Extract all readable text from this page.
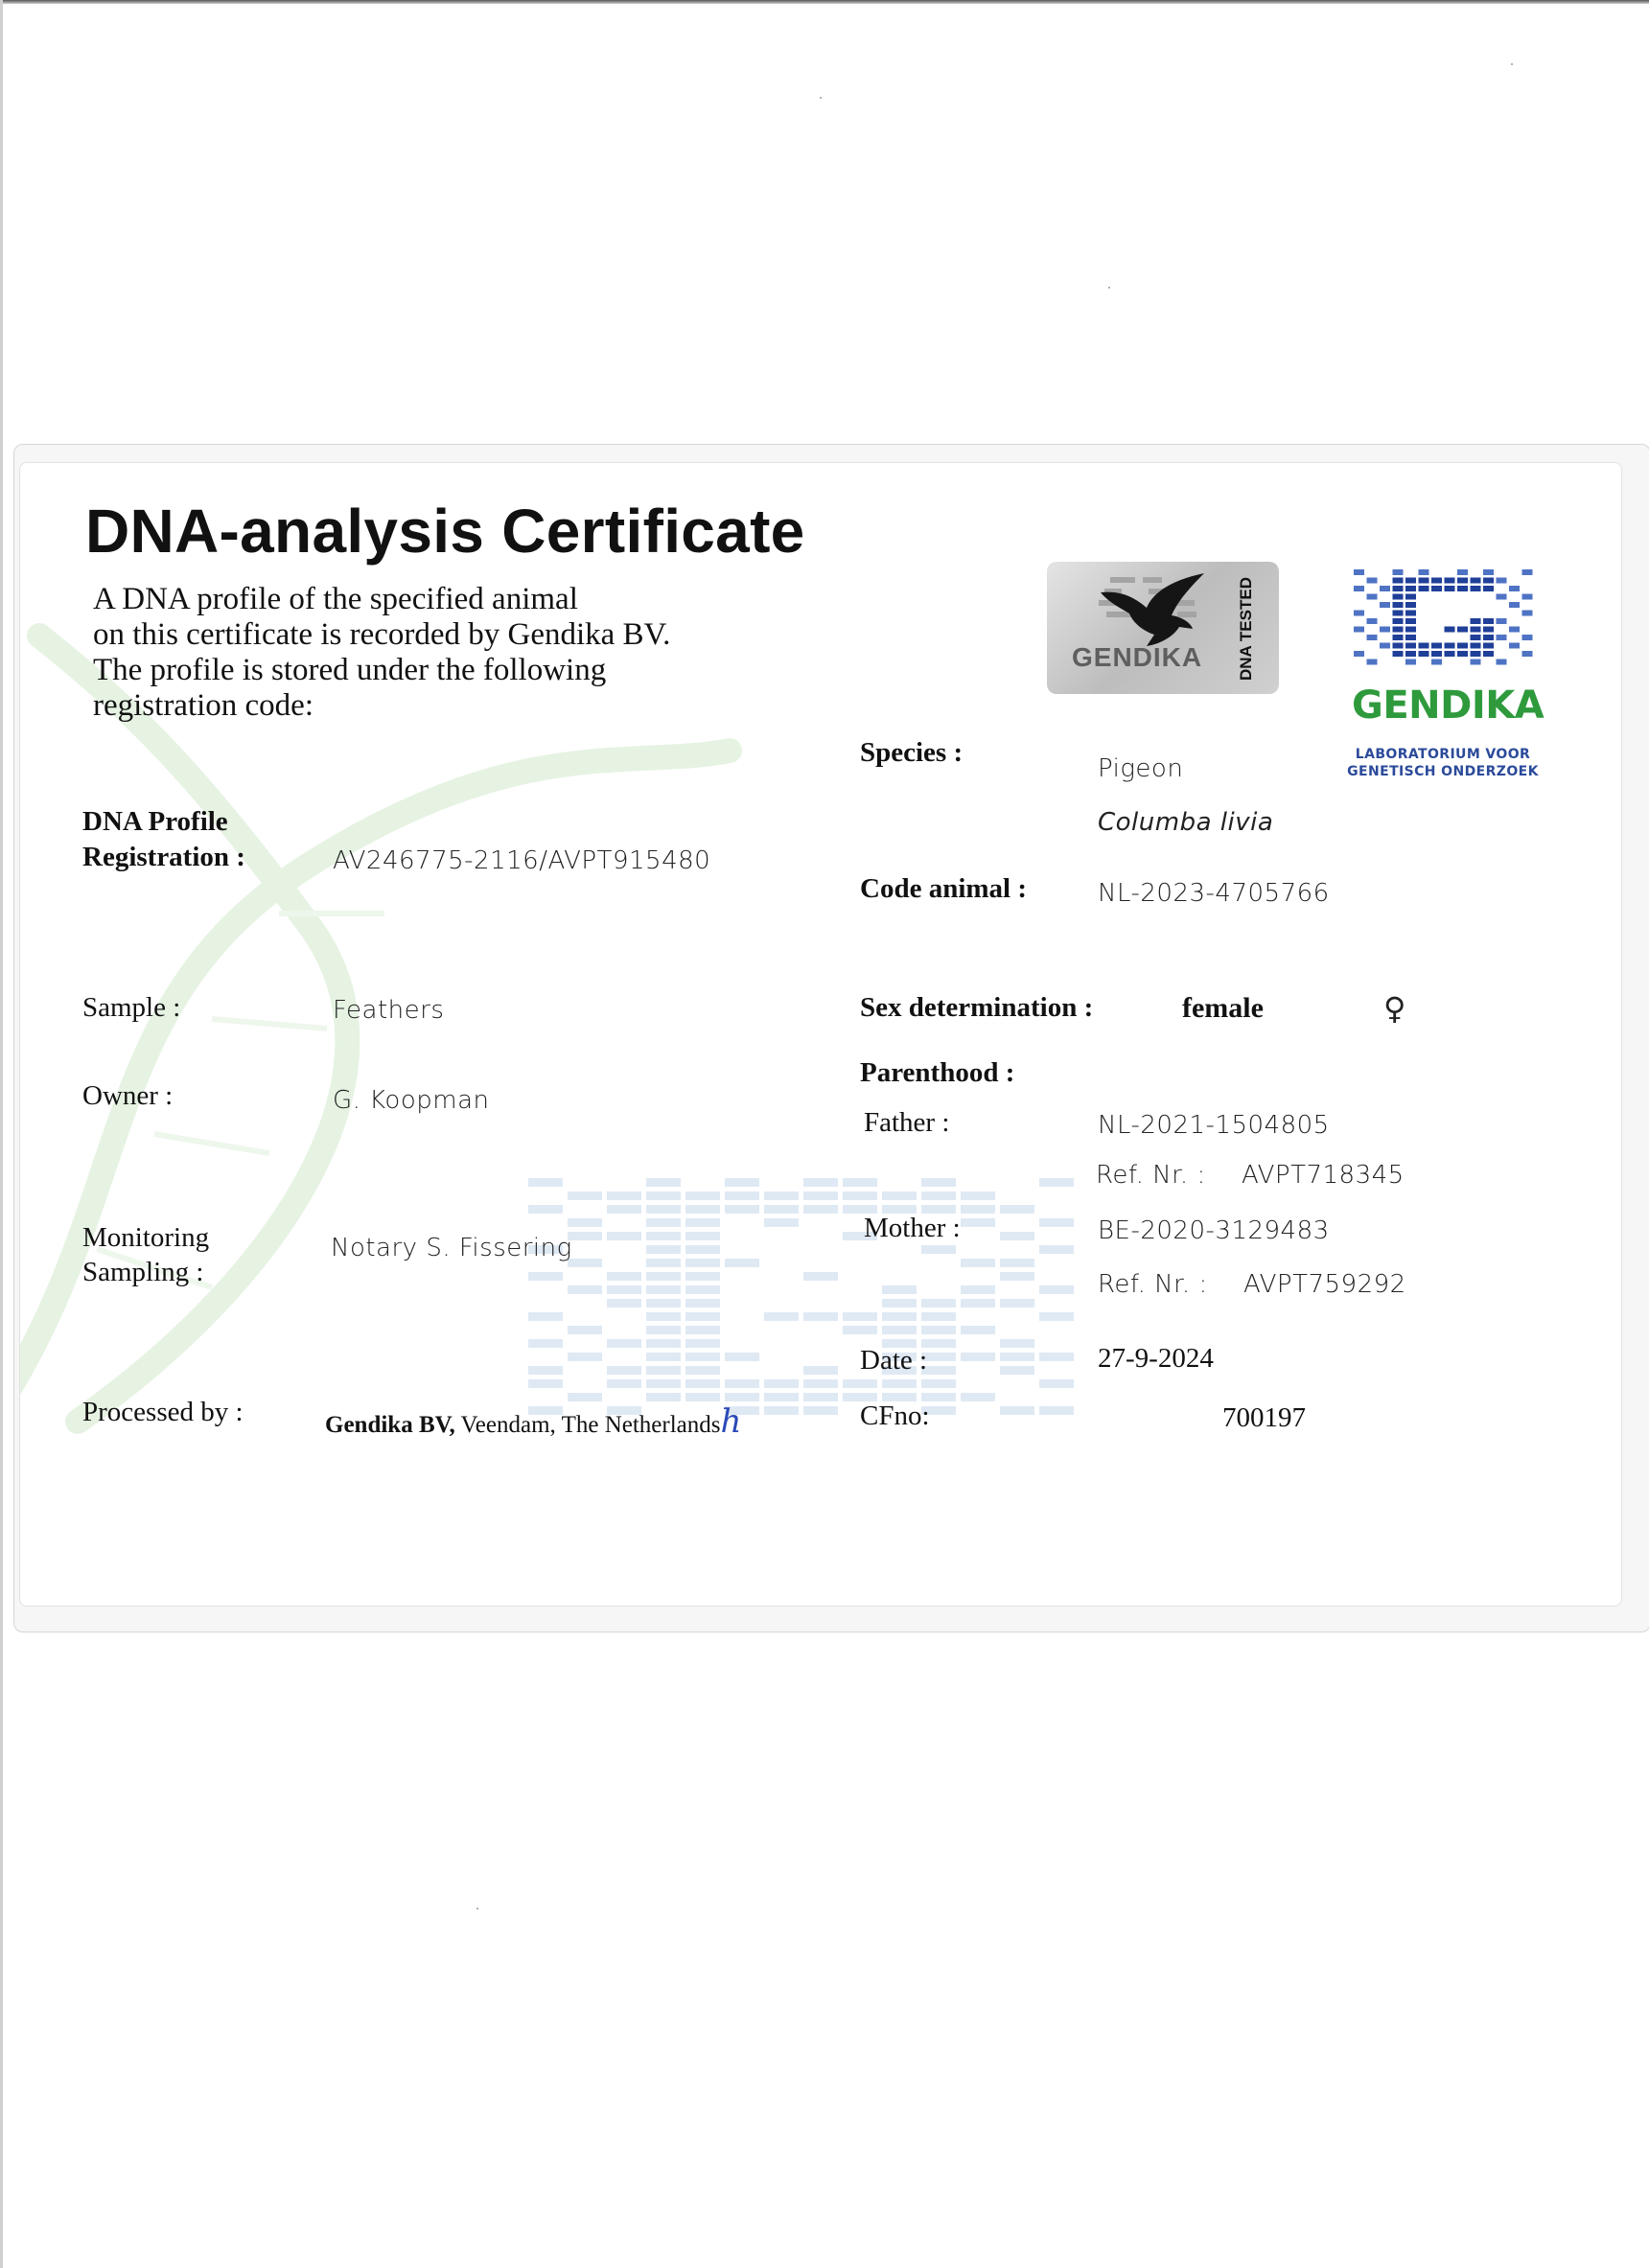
DNA-analysis Certificate
A DNA profile of the specified animal
on this certificate is recorded by Gendika BV.
The profile is stored under the following
registration code:
DNA Profile
Registration :	AV246775-2116/AVPT915480
Sample :	Feathers
Owner :	G. Koopman
Monitoring
Sampling :
Notary S. Fissering
Processed by :	Gendika BV, Veendam, The Netherlandsh
Species :
Pigeon
Columba livia
Code animal :	NL-2023-4705766
Sex determination :	female	♀
Parenthood :
Father :	NL-2021-1504805
Ref. Nr. : AVPT718345
Mother :	BE-2020-3129483
Ref. Nr. : AVPT759292
Date :	27-9-2024
CFno:	700197
GENDIKA DNA TESTED
GENDIKA
LABORATORIUM VOOR
GENETISCH ONDERZOEK
